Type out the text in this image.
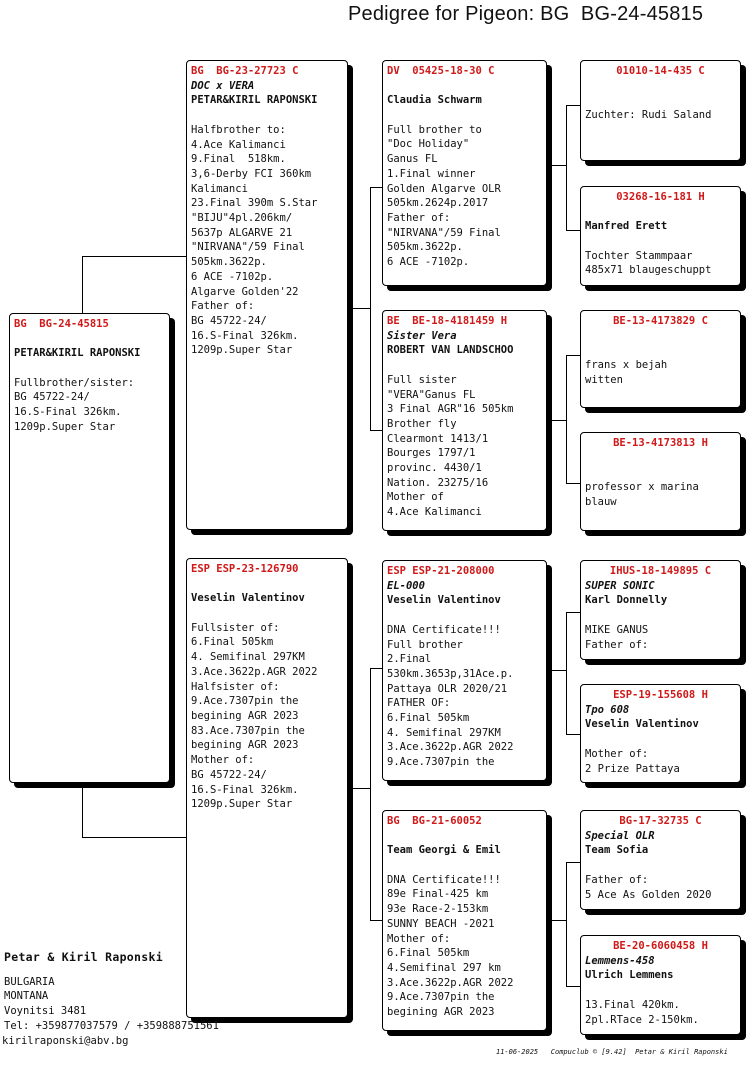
Pedigree for Pigeon: BG  BG-24-45815
BG  BG-24-45815
PETAR&KIRIL RAPONSKI
Fullbrother/sister:
BG 45722-24/
16.S-Final 326km.
1209p.Super Star
BG  BG-23-27723 C
DOC x VERA
PETAR&KIRIL RAPONSKI
Halfbrother to:
4.Ace Kalimanci
9.Final  518km.
3,6-Derby FCI 360km
Kalimanci
23.Final 390m S.Star
"BIJU"4pl.206km/
5637p ALGARVE 21
"NIRVANA"/59 Final
505km.3622p.
6 ACE -7102p.
Algarve Golden'22
Father of:
BG 45722-24/
16.S-Final 326km.
1209p.Super Star
ESP ESP-23-126790
Veselin Valentinov
Fullsister of:
6.Final 505km
4. Semifinal 297KM
3.Ace.3622p.AGR 2022
Halfsister of:
9.Ace.7307pin the
begining AGR 2023
83.Ace.7307pin the
begining AGR 2023
Mother of:
BG 45722-24/
16.S-Final 326km.
1209p.Super Star
DV  05425-18-30 C
Claudia Schwarm
Full brother to
"Doc Holiday"
Ganus FL
1.Final winner
Golden Algarve OLR
505km.2624p.2017
Father of:
"NIRVANA"/59 Final
505km.3622p.
6 ACE -7102p.
BE  BE-18-4181459 H
Sister Vera
ROBERT VAN LANDSCHOO
Full sister
"VERA"Ganus FL
3 Final AGR"16 505km
Brother fly
Clearmont 1413/1
Bourges 1797/1
provinc. 4430/1
Nation. 23275/16
Mother of
4.Ace Kalimanci
ESP ESP-21-208000
EL-000
Veselin Valentinov
DNA Certificate!!!
Full brother
2.Final
530km.3653p,31Ace.p.
Pattaya OLR 2020/21
FATHER OF:
6.Final 505km
4. Semifinal 297KM
3.Ace.3622p.AGR 2022
9.Ace.7307pin the
BG  BG-21-60052
Team Georgi & Emil
DNA Certificate!!!
89e Final-425 km
93e Race-2-153km
SUNNY BEACH -2021
Mother of:
6.Final 505km
4.Semifinal 297 km
3.Ace.3622p.AGR 2022
9.Ace.7307pin the
begining AGR 2023
01010-14-435 C
Zuchter: Rudi Saland
03268-16-181 H
Manfred Erett
Tochter Stammpaar
485x71 blaugeschuppt
BE-13-4173829 C
frans x bejah
witten
BE-13-4173813 H
professor x marina
blauw
IHUS-18-149895 C
SUPER SONIC
Karl Donnelly
MIKE GANUS
Father of:
ESP-19-155608 H
Tpo 608
Veselin Valentinov
Mother of:
2 Prize Pattaya
BG-17-32735 C
Special OLR
Team Sofia
Father of:
5 Ace As Golden 2020
BE-20-6060458 H
Lemmens-458
Ulrich Lemmens
13.Final 420km.
2pl.RTace 2-150km.
Petar & Kiril Raponski
BULGARIA
MONTANA
Voynitsi 3481
Tel: +359877037579 / +359888751561
kirilraponski@abv.bg
11-06-2025   Compuclub © [9.42]  Petar & Kiril Raponski
